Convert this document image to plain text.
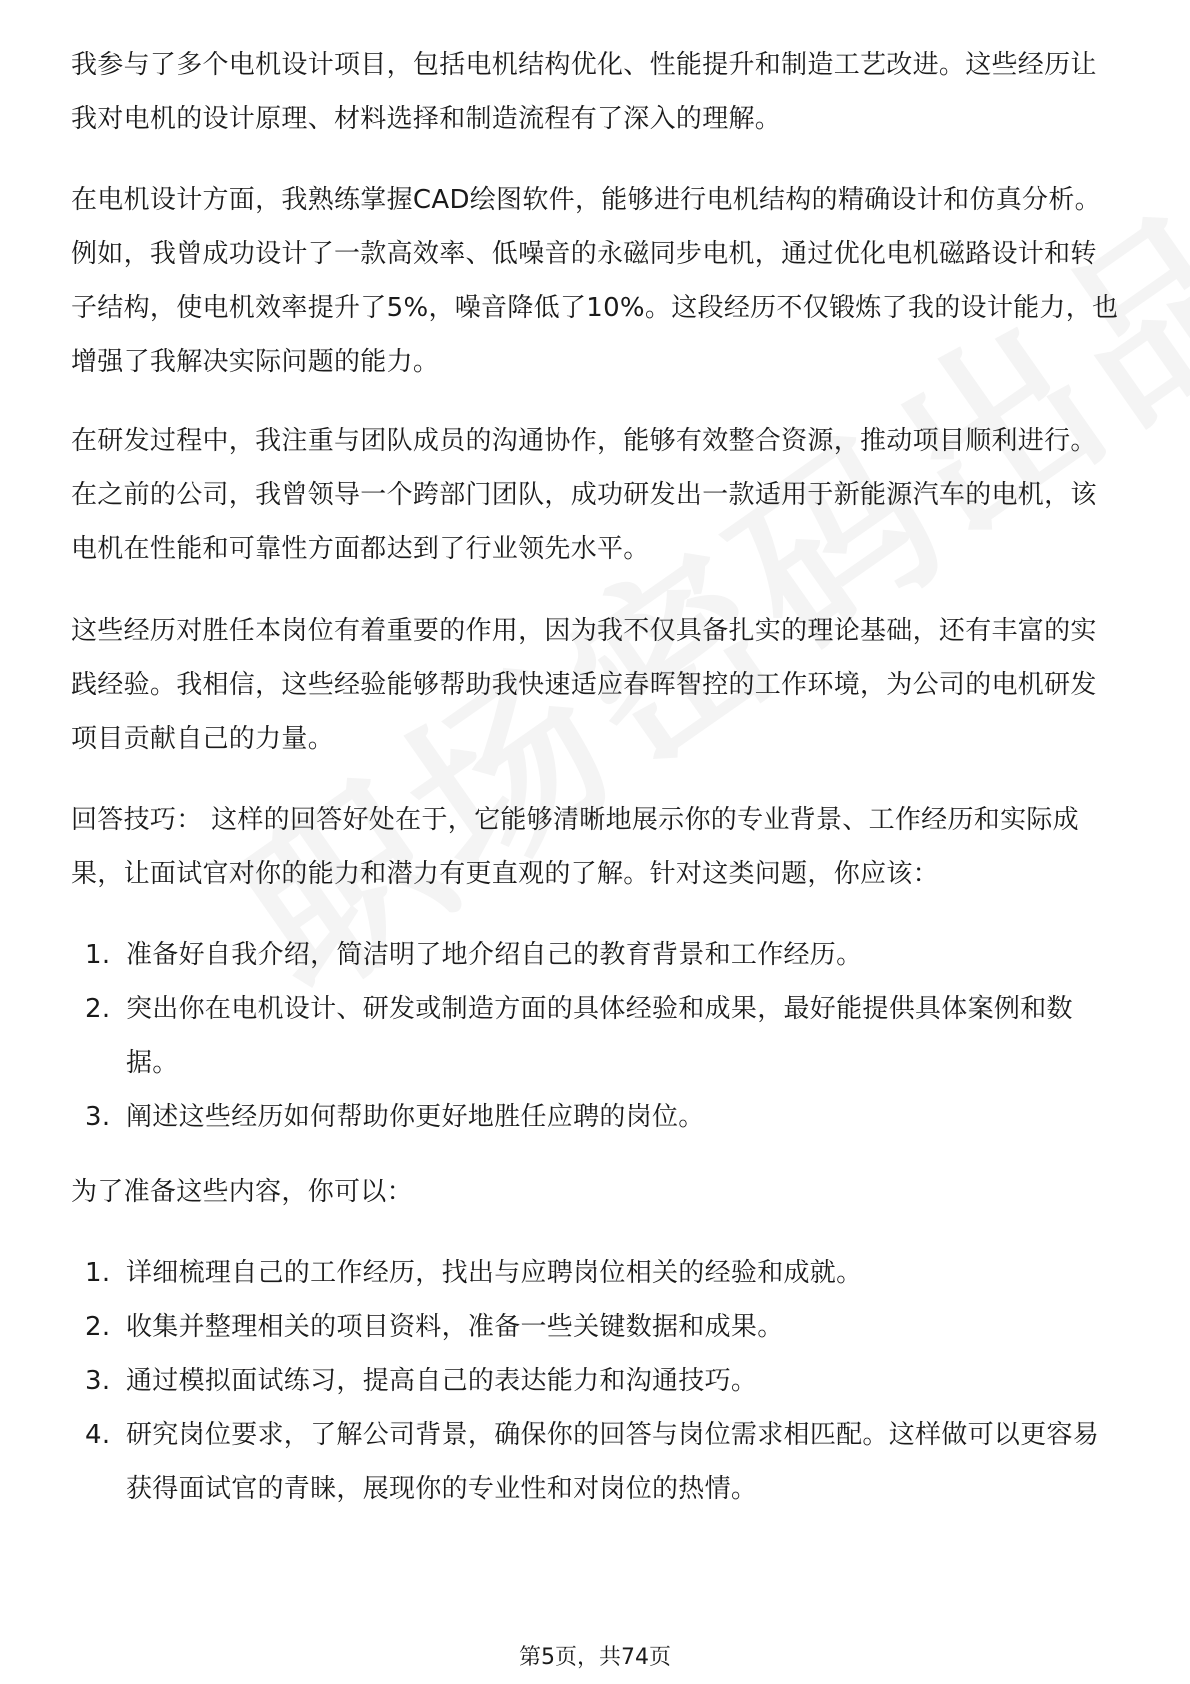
我参与了多个电机设计项目，包括电机结构优化、性能提升和制造工艺改进。这些经历让我对电机的设计原理、材料选择和制造流程有了深入的理解。

在电机设计方面，我熟练掌握CAD绘图软件，能够进行电机结构的精确设计和仿真分析。例如，我曾成功设计了一款高效率、低噪音的永磁同步电机，通过优化电机磁路设计和转子结构，使电机效率提升了5%，噪音降低了10%。这段经历不仅锻炼了我的设计能力，也增强了我解决实际问题的能力。

在研发过程中，我注重与团队成员的沟通协作，能够有效整合资源，推动项目顺利进行。在之前的公司，我曾领导一个跨部门团队，成功研发出一款适用于新能源汽车的电机，该电机在性能和可靠性方面都达到了行业领先水平。

这些经历对胜任本岗位有着重要的作用，因为我不仅具备扎实的理论基础，还有丰富的实践经验。我相信，这些经验能够帮助我快速适应春晖智控的工作环境，为公司的电机研发项目贡献自己的力量。

回答技巧： 这样的回答好处在于，它能够清晰地展示你的专业背景、工作经历和实际成果，让面试官对你的能力和潜力有更直观的了解。针对这类问题，你应该：

1. 准备好自我介绍，简洁明了地介绍自己的教育背景和工作经历。
2. 突出你在电机设计、研发或制造方面的具体经验和成果，最好能提供具体案例和数据。
3. 阐述这些经历如何帮助你更好地胜任应聘的岗位。

为了准备这些内容，你可以：

1. 详细梳理自己的工作经历，找出与应聘岗位相关的经验和成就。
2. 收集并整理相关的项目资料，准备一些关键数据和成果。
3. 通过模拟面试练习，提高自己的表达能力和沟通技巧。
4. 研究岗位要求，了解公司背景，确保你的回答与岗位需求相匹配。这样做可以更容易获得面试官的青睐，展现你的专业性和对岗位的热情。
第5页，共74页
